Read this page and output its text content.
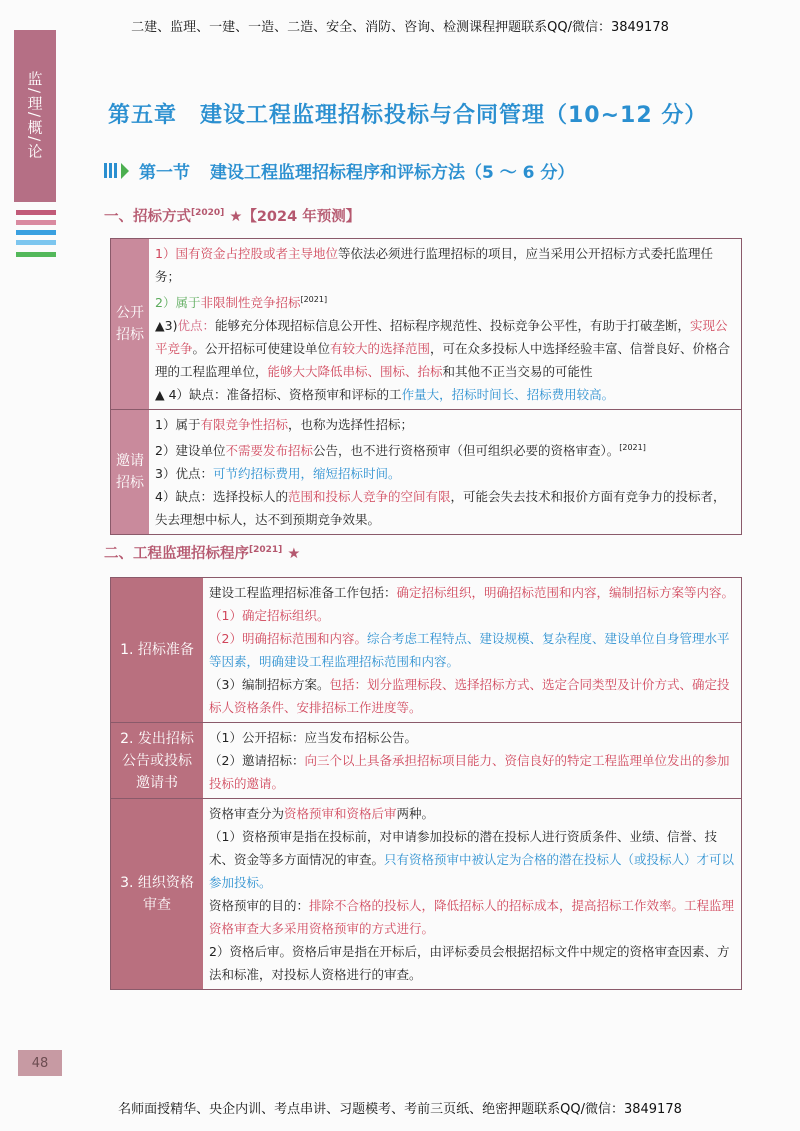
二建、监理、一建、一造、二造、安全、消防、咨询、检测课程押题联系QQ/微信：3849178
监/理/概/论	第五章　建设工程监理招标投标与合同管理（10~12 分）
第一节 建设工程监理招标程序和评标方法（5 ～ 6 分）
一、招标方式[2020] ★【2024 年预测】
公开
招标

1）国有资金占控股或者主导地位等依法必须进行监理招标的项目，应当采用公开招标方式委托监理任务；

2）属于非限制性竞争招标[2021]

▲3)优点：能够充分体现招标信息公开性、招标程序规范性、投标竞争公平性，有助于打破垄断，实现公平竞争。公开招标可使建设单位有较大的选择范围，可在众多投标人中选择经验丰富、信誉良好、价格合理的工程监理单位，能够大大降低串标、围标、抬标和其他不正当交易的可能性

▲ 4）缺点：准备招标、资格预审和评标的工作量大，招标时间长、招标费用较高。

邀请
招标

1）属于有限竞争性招标，也称为选择性招标；

2）建设单位不需要发布招标公告，也不进行资格预审（但可组织必要的资格审查）。[2021]

3）优点：可节约招标费用，缩短招标时间。

4）缺点：选择投标人的范围和投标人竞争的空间有限，可能会失去技术和报价方面有竞争力的投标者，失去理想中标人，达不到预期竞争效果。

二、工程监理招标程序[2021] ★
1. 招标准备

建设工程监理招标准备工作包括：确定招标组织，明确招标范围和内容，编制招标方案等内容。

（1）确定招标组织。

（2）明确招标范围和内容。综合考虑工程特点、建设规模、复杂程度、建设单位自身管理水平等因素，明确建设工程监理招标范围和内容。

（3）编制招标方案。包括：划分监理标段、选择招标方式、选定合同类型及计价方式、确定投标人资格条件、安排招标工作进度等。

2. 发出招标
公告或投标
邀请书

（1）公开招标：应当发布招标公告。

（2）邀请招标：向三个以上具备承担招标项目能力、资信良好的特定工程监理单位发出的参加投标的邀请。

3. 组织资格
审查

资格审查分为资格预审和资格后审两种。

（1）资格预审是指在投标前，对申请参加投标的潜在投标人进行资质条件、业绩、信誉、技术、资金等多方面情况的审查。只有资格预审中被认定为合格的潜在投标人（或投标人）才可以参加投标。

资格预审的目的：排除不合格的投标人，降低招标人的招标成本，提高招标工作效率。工程监理资格审查大多采用资格预审的方式进行。

2）资格后审。资格后审是指在开标后，由评标委员会根据招标文件中规定的资格审查因素、方法和标准，对投标人资格进行的审查。

48
名师面授精华、央企内训、考点串讲、习题模考、考前三页纸、绝密押题联系QQ/微信：3849178
